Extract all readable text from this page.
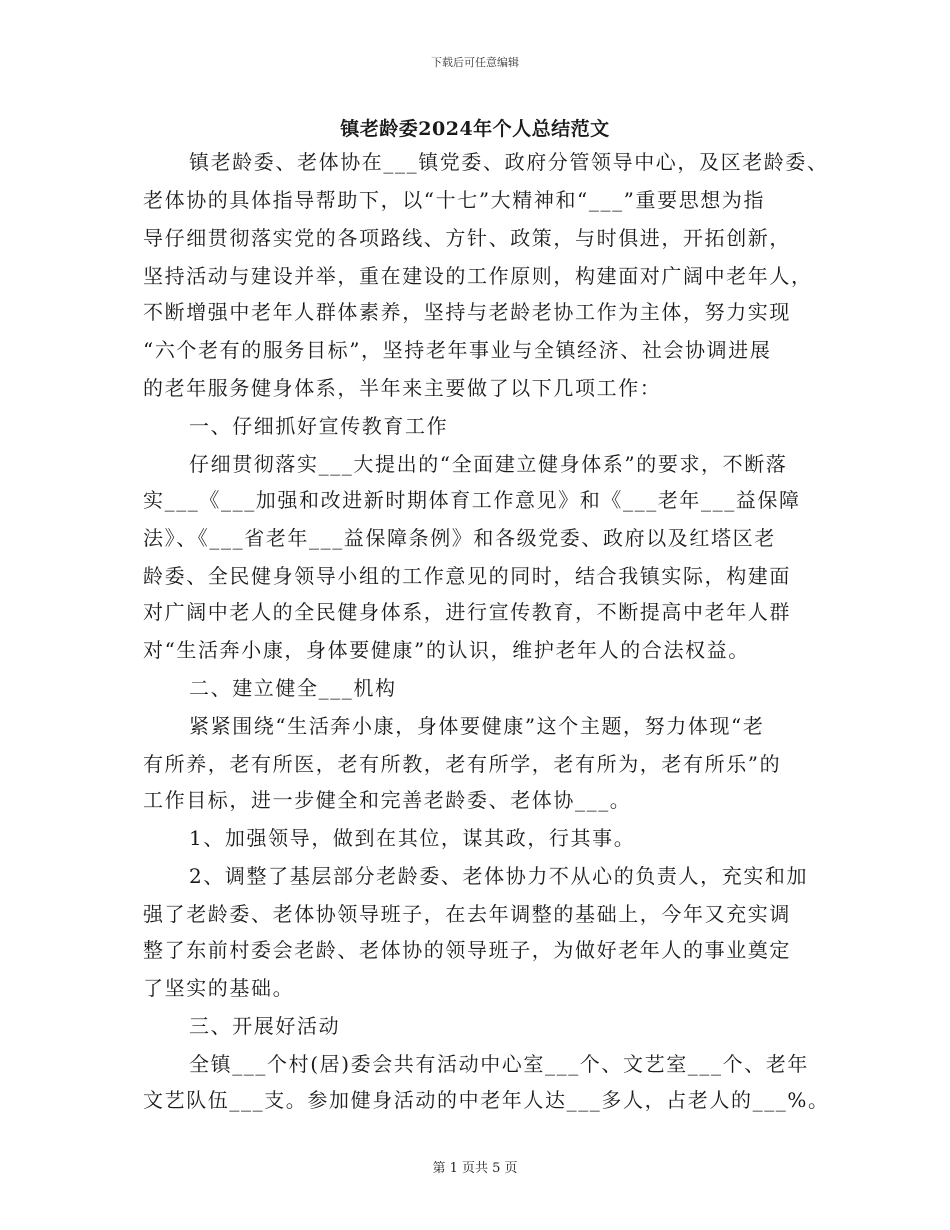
下载后可任意编辑
镇老龄委2024年个人总结范文
镇老龄委、老体协在___镇党委、政府分管领导中心，及区老龄委、
老体协的具体指导帮助下，以“十七”大精神和“___”重要思想为指
导仔细贯彻落实党的各项路线、方针、政策，与时俱进，开拓创新，
坚持活动与建设并举，重在建设的工作原则，构建面对广阔中老年人，
不断增强中老年人群体素养，坚持与老龄老协工作为主体，努力实现
“六个老有的服务目标”，坚持老年事业与全镇经济、社会协调进展
的老年服务健身体系，半年来主要做了以下几项工作：
一、仔细抓好宣传教育工作
仔细贯彻落实___大提出的“全面建立健身体系”的要求，不断落
实___《___加强和改进新时期体育工作意见》和《___老年___益保障
法》、《___省老年___益保障条例》和各级党委、政府以及红塔区老
龄委、全民健身领导小组的工作意见的同时，结合我镇实际，构建面
对广阔中老人的全民健身体系，进行宣传教育，不断提高中老年人群
对“生活奔小康，身体要健康”的认识，维护老年人的合法权益。
二、建立健全___机构
紧紧围绕“生活奔小康，身体要健康”这个主题，努力体现“老
有所养，老有所医，老有所教，老有所学，老有所为，老有所乐”的
工作目标，进一步健全和完善老龄委、老体协___。
1、加强领导，做到在其位，谋其政，行其事。
2、调整了基层部分老龄委、老体协力不从心的负责人，充实和加
强了老龄委、老体协领导班子，在去年调整的基础上，今年又充实调
整了东前村委会老龄、老体协的领导班子，为做好老年人的事业奠定
了坚实的基础。
三、开展好活动
全镇___个村(居)委会共有活动中心室___个、文艺室___个、老年
文艺队伍___支。参加健身活动的中老年人达___多人，占老人的___%。
第 1 页共 5 页
